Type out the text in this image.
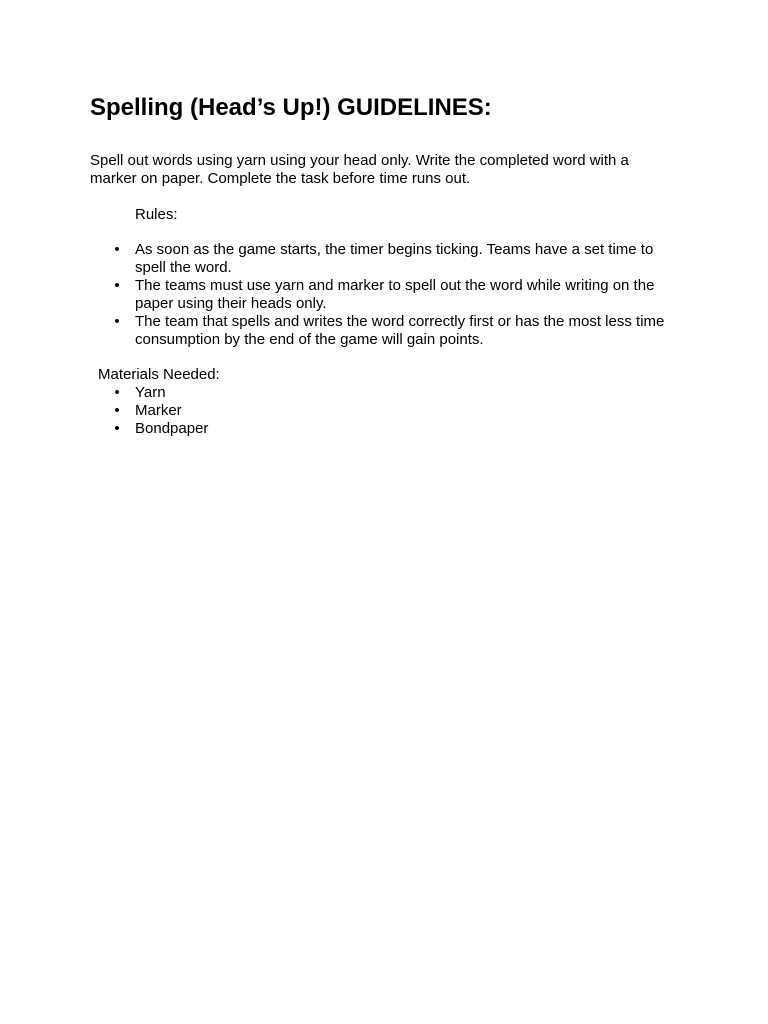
Spelling (Head’s Up!) GUIDELINES:

Spell out words using yarn using your head only. Write the completed word with a marker on paper. Complete the task before time runs out.

Rules:

• As soon as the game starts, the timer begins ticking. Teams have a set time to spell the word.
• The teams must use yarn and marker to spell out the word while writing on the paper using their heads only.
• The team that spells and writes the word correctly first or has the most less time consumption by the end of the game will gain points.

Materials Needed:

• Yarn
• Marker
• Bondpaper
